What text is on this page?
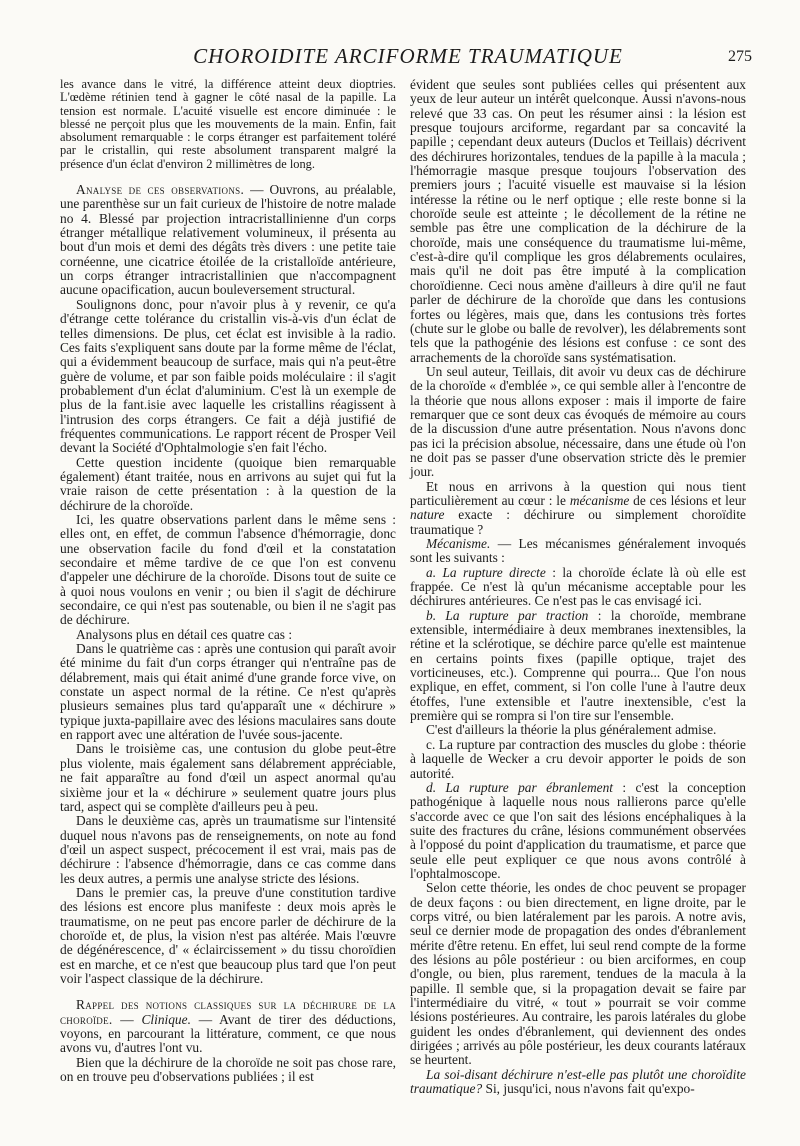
CHOROIDITE ARCIFORME TRAUMATIQUE	275

les avance dans le vitré, la différence atteint deux dioptries. L'œdème rétinien tend à gagner le côté nasal de la papille. La tension est normale. L'acuité visuelle est encore diminuée : le blessé ne perçoit plus que les mouvements de la main. Enfin, fait absolument remarquable : le corps étranger est parfaitement toléré par le cristallin, qui reste absolument transparent malgré la présence d'un éclat d'environ 2 millimètres de long.

Analyse de ces observations. — Ouvrons, au préalable, une parenthèse sur un fait curieux de l'histoire de notre malade no 4. Blessé par projection intracristallinienne d'un corps étranger métallique relativement volumineux, il présenta au bout d'un mois et demi des dégâts très divers : une petite taie cornéenne, une cicatrice étoilée de la cristalloïde antérieure, un corps étranger intracristallinien que n'accompagnent aucune opacification, aucun bouleversement structural.

Soulignons donc, pour n'avoir plus à y revenir, ce qu'a d'étrange cette tolérance du cristallin vis-à-vis d'un éclat de telles dimensions. De plus, cet éclat est invisible à la radio. Ces faits s'expliquent sans doute par la forme même de l'éclat, qui a évidemment beaucoup de surface, mais qui n'a peut-être guère de volume, et par son faible poids moléculaire : il s'agit probablement d'un éclat d'aluminium. C'est là un exemple de plus de la fant.isie avec laquelle les cristallins réagissent à l'intrusion des corps étrangers. Ce fait a déjà justifié de fréquentes communications. Le rapport récent de Prosper Veil devant la Société d'Ophtalmologie s'en fait l'écho.

Cette question incidente (quoique bien remarquable également) étant traitée, nous en arrivons au sujet qui fut la vraie raison de cette présentation : à la question de la déchirure de la choroïde.

Ici, les quatre observations parlent dans le même sens : elles ont, en effet, de commun l'absence d'hémorragie, donc une observation facile du fond d'œil et la constatation secondaire et même tardive de ce que l'on est convenu d'appeler une déchirure de la choroïde. Disons tout de suite ce à quoi nous voulons en venir ; ou bien il s'agit de déchirure secondaire, ce qui n'est pas soutenable, ou bien il ne s'agit pas de déchirure.

Analysons plus en détail ces quatre cas :

Dans le quatrième cas : après une contusion qui paraît avoir été minime du fait d'un corps étranger qui n'entraîne pas de délabrement, mais qui était animé d'une grande force vive, on constate un aspect normal de la rétine. Ce n'est qu'après plusieurs semaines plus tard qu'apparaît une « déchirure » typique juxta-papillaire avec des lésions maculaires sans doute en rapport avec une altération de l'uvée sous-jacente.

Dans le troisième cas, une contusion du globe peut-être plus violente, mais également sans délabrement appréciable, ne fait apparaître au fond d'œil un aspect anormal qu'au sixième jour et la « déchirure » seulement quatre jours plus tard, aspect qui se complète d'ailleurs peu à peu.

Dans le deuxième cas, après un traumatisme sur l'intensité duquel nous n'avons pas de renseignements, on note au fond d'œil un aspect suspect, précocement il est vrai, mais pas de déchirure : l'absence d'hémorragie, dans ce cas comme dans les deux autres, a permis une analyse stricte des lésions.

Dans le premier cas, la preuve d'une constitution tardive des lésions est encore plus manifeste : deux mois après le traumatisme, on ne peut pas encore parler de déchirure de la choroïde et, de plus, la vision n'est pas altérée. Mais l'œuvre de dégénérescence, d' « éclaircissement » du tissu choroïdien est en marche, et ce n'est que beaucoup plus tard que l'on peut voir l'aspect classique de la déchirure.

Rappel des notions classiques sur la déchirure de la choroïde. — Clinique. — Avant de tirer des déductions, voyons, en parcourant la littérature, comment, ce que nous avons vu, d'autres l'ont vu.

Bien que la déchirure de la choroïde ne soit pas chose rare, on en trouve peu d'observations publiées ; il est

évident que seules sont publiées celles qui présentent aux yeux de leur auteur un intérêt quelconque. Aussi n'avons-nous relevé que 33 cas. On peut les résumer ainsi : la lésion est presque toujours arciforme, regardant par sa concavité la papille ; cependant deux auteurs (Duclos et Teillais) décrivent des déchirures horizontales, tendues de la papille à la macula ; l'hémorragie masque presque toujours l'observation des premiers jours ; l'acuité visuelle est mauvaise si la lésion intéresse la rétine ou le nerf optique ; elle reste bonne si la choroïde seule est atteinte ; le décollement de la rétine ne semble pas être une complication de la déchirure de la choroïde, mais une conséquence du traumatisme lui-même, c'est-à-dire qu'il complique les gros délabrements oculaires, mais qu'il ne doit pas être imputé à la complication choroïdienne. Ceci nous amène d'ailleurs à dire qu'il ne faut parler de déchirure de la choroïde que dans les contusions fortes ou légères, mais que, dans les contusions très fortes (chute sur le globe ou balle de revolver), les délabrements sont tels que la pathogénie des lésions est confuse : ce sont des arrachements de la choroïde sans systématisation.

Un seul auteur, Teillais, dit avoir vu deux cas de déchirure de la choroïde « d'emblée », ce qui semble aller à l'encontre de la théorie que nous allons exposer : mais il importe de faire remarquer que ce sont deux cas évoqués de mémoire au cours de la discussion d'une autre présentation. Nous n'avons donc pas ici la précision absolue, nécessaire, dans une étude où l'on ne doit pas se passer d'une observation stricte dès le premier jour.

Et nous en arrivons à la question qui nous tient particulièrement au cœur : le mécanisme de ces lésions et leur nature exacte : déchirure ou simplement choroïdite traumatique ?

Mécanisme. — Les mécanismes généralement invoqués sont les suivants :

a. La rupture directe : la choroïde éclate là où elle est frappée. Ce n'est là qu'un mécanisme acceptable pour les déchirures antérieures. Ce n'est pas le cas envisagé ici.

b. La rupture par traction : la choroïde, membrane extensible, intermédiaire à deux membranes inextensibles, la rétine et la sclérotique, se déchire parce qu'elle est maintenue en certains points fixes (papille optique, trajet des vorticineuses, etc.). Comprenne qui pourra... Que l'on nous explique, en effet, comment, si l'on colle l'une à l'autre deux étoffes, l'une extensible et l'autre inextensible, c'est la première qui se rompra si l'on tire sur l'ensemble.

C'est d'ailleurs la théorie la plus généralement admise.

c. La rupture par contraction des muscles du globe : théorie à laquelle de Wecker a cru devoir apporter le poids de son autorité.

d. La rupture par ébranlement : c'est la conception pathogénique à laquelle nous nous rallierons parce qu'elle s'accorde avec ce que l'on sait des lésions encéphaliques à la suite des fractures du crâne, lésions communément observées à l'opposé du point d'application du traumatisme, et parce que seule elle peut expliquer ce que nous avons contrôlé à l'ophtalmoscope.

Selon cette théorie, les ondes de choc peuvent se propager de deux façons : ou bien directement, en ligne droite, par le corps vitré, ou bien latéralement par les parois. A notre avis, seul ce dernier mode de propagation des ondes d'ébranlement mérite d'être retenu. En effet, lui seul rend compte de la forme des lésions au pôle postérieur : ou bien arciformes, en coup d'ongle, ou bien, plus rarement, tendues de la macula à la papille. Il semble que, si la propagation devait se faire par l'intermédiaire du vitré, « tout » pourrait se voir comme lésions postérieures. Au contraire, les parois latérales du globe guident les ondes d'ébranlement, qui deviennent des ondes dirigées ; arrivés au pôle postérieur, les deux courants latéraux se heurtent.

La soi-disant déchirure n'est-elle pas plutôt une choroïdite traumatique? Si, jusqu'ici, nous n'avons fait qu'expo-
